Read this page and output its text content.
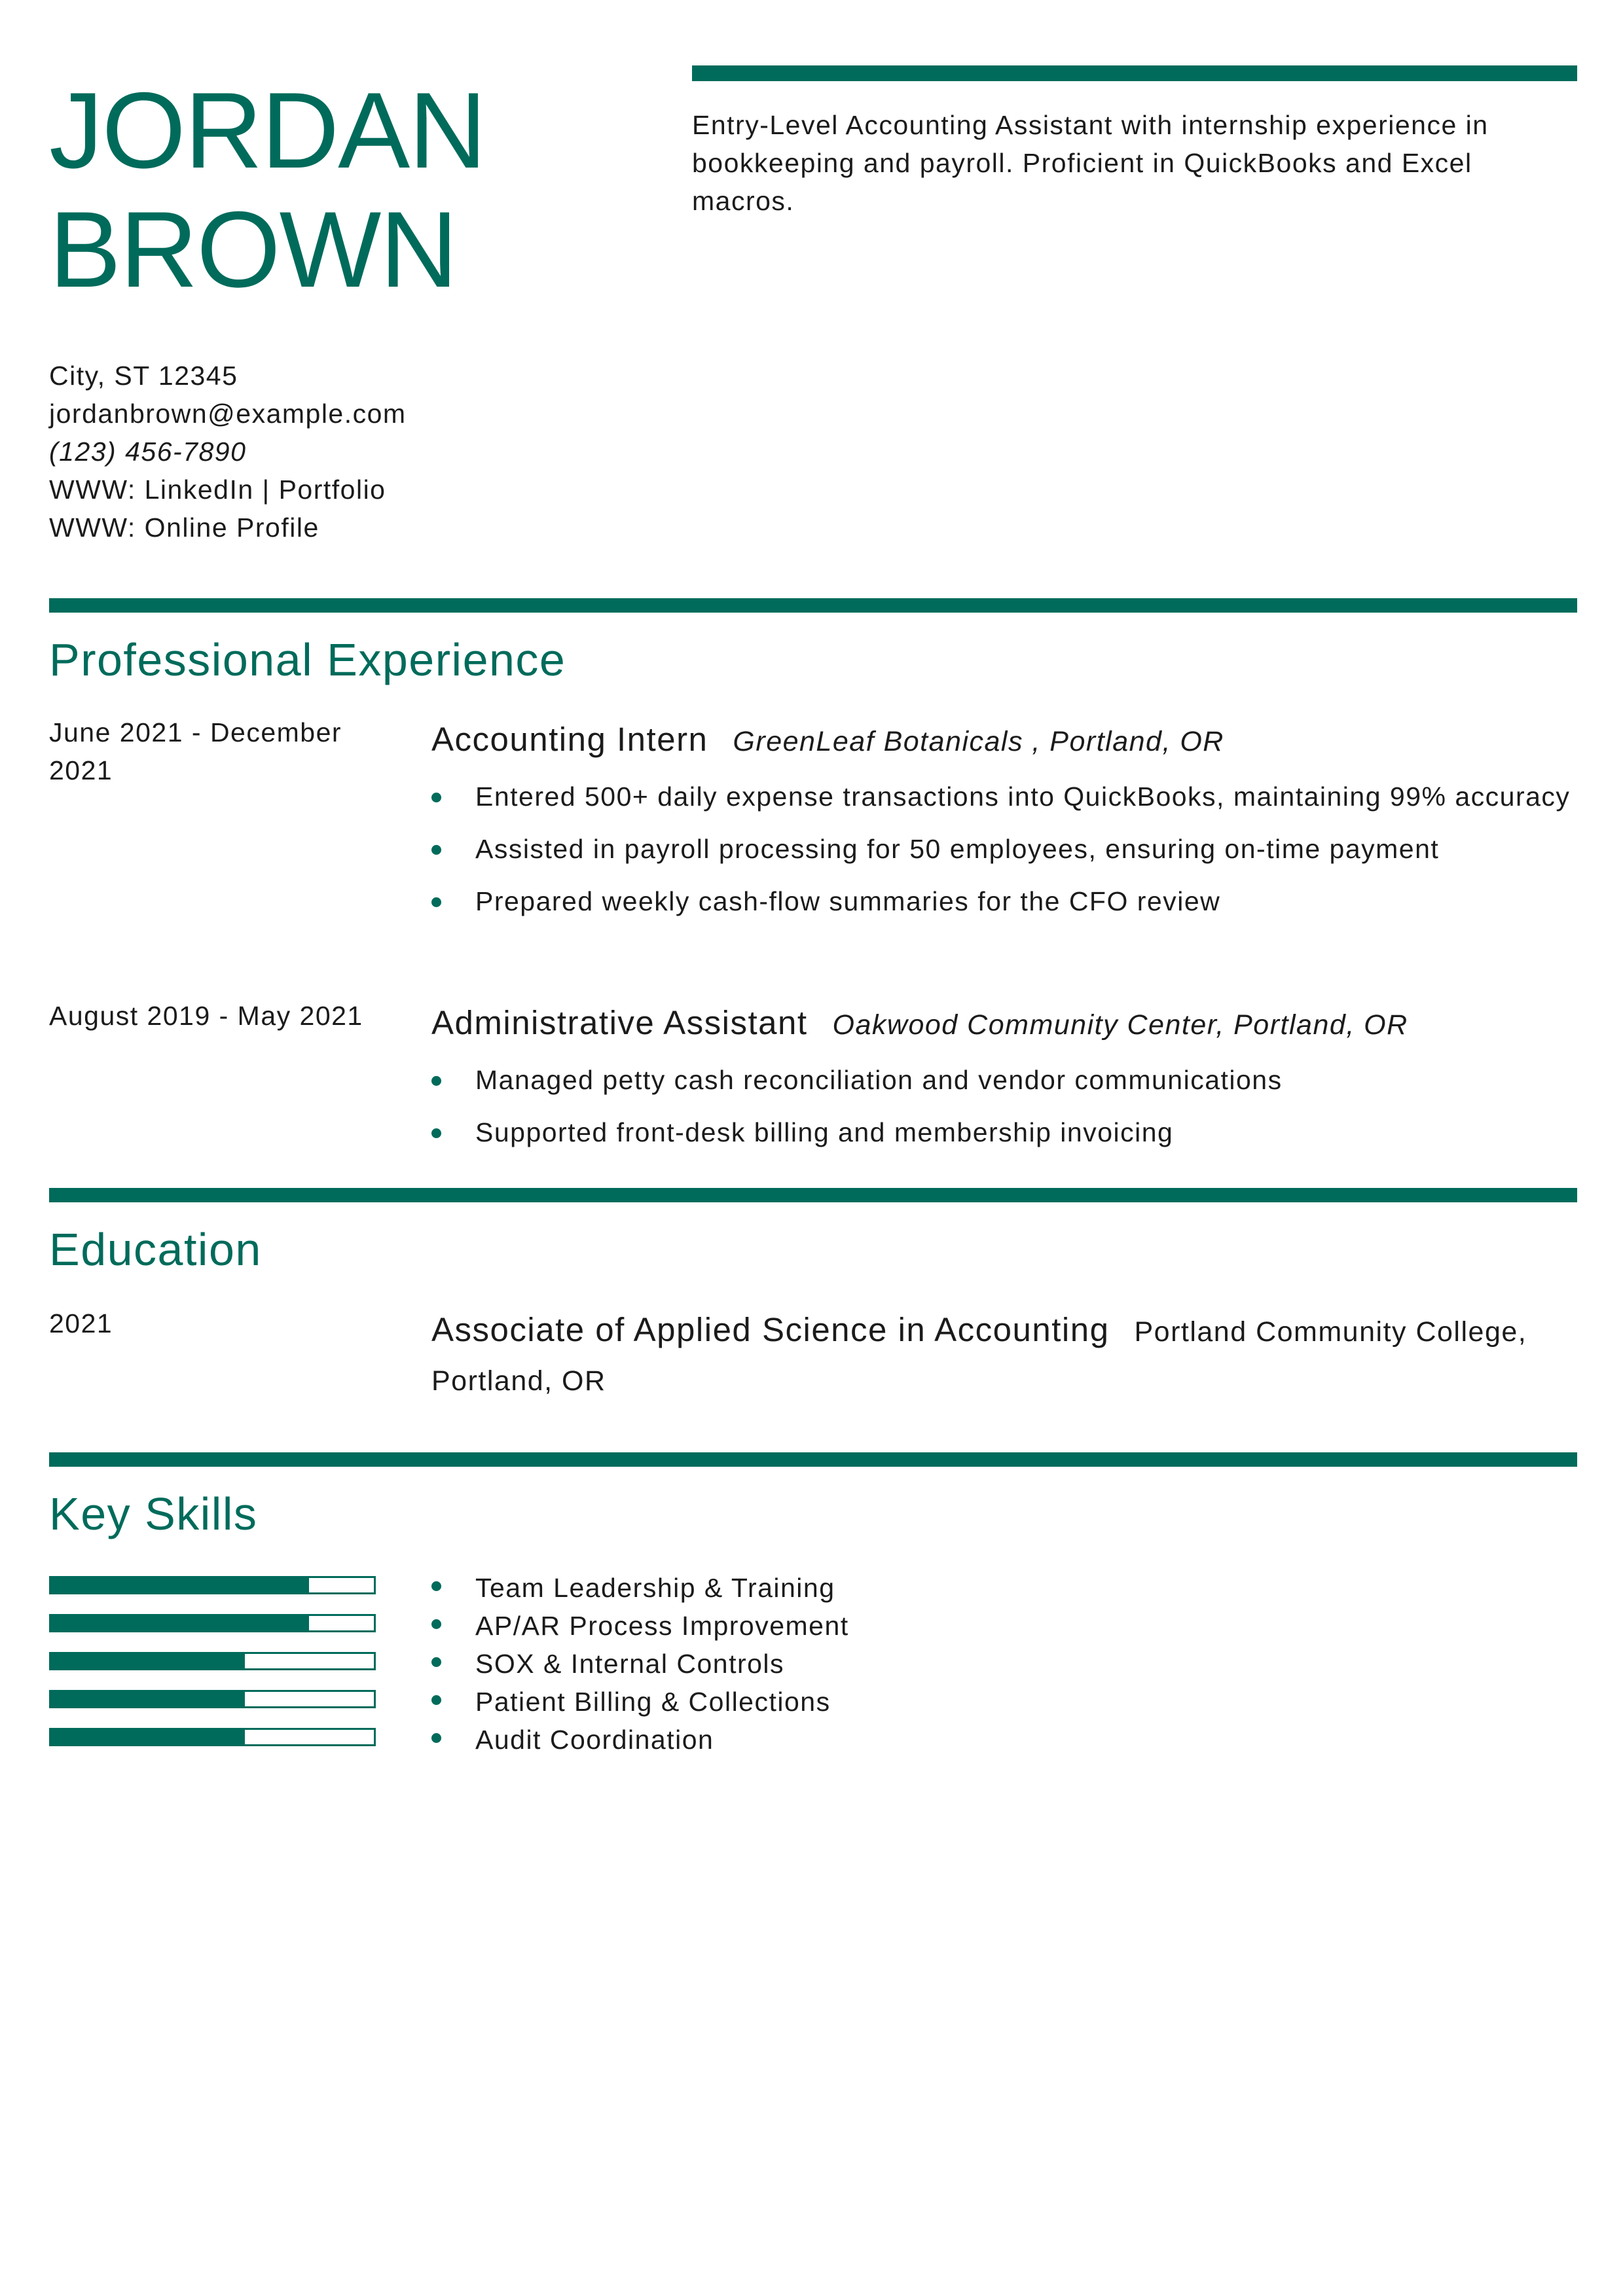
JORDAN
BROWN

Entry-Level Accounting Assistant with internship experience in bookkeeping and payroll. Proficient in QuickBooks and Excel macros.

City, ST 12345
jordanbrown@example.com
(123) 456-7890
WWW: LinkedIn | Portfolio
WWW: Online Profile
Professional Experience
June 2021 - December 2021
Accounting Intern GreenLeaf Botanicals , Portland, OR
Entered 500+ daily expense transactions into QuickBooks, maintaining 99% accuracy
Assisted in payroll processing for 50 employees, ensuring on-time payment
Prepared weekly cash-flow summaries for the CFO review
August 2019 - May 2021	Administrative Assistant Oakwood Community Center, Portland, OR
Managed petty cash reconciliation and vendor communications
Supported front-desk billing and membership invoicing
Education
2021	Associate of Applied Science in Accounting Portland Community College, Portland, OR
Key Skills
Team Leadership & Training
AP/AR Process Improvement
SOX & Internal Controls
Patient Billing & Collections
Audit Coordination
